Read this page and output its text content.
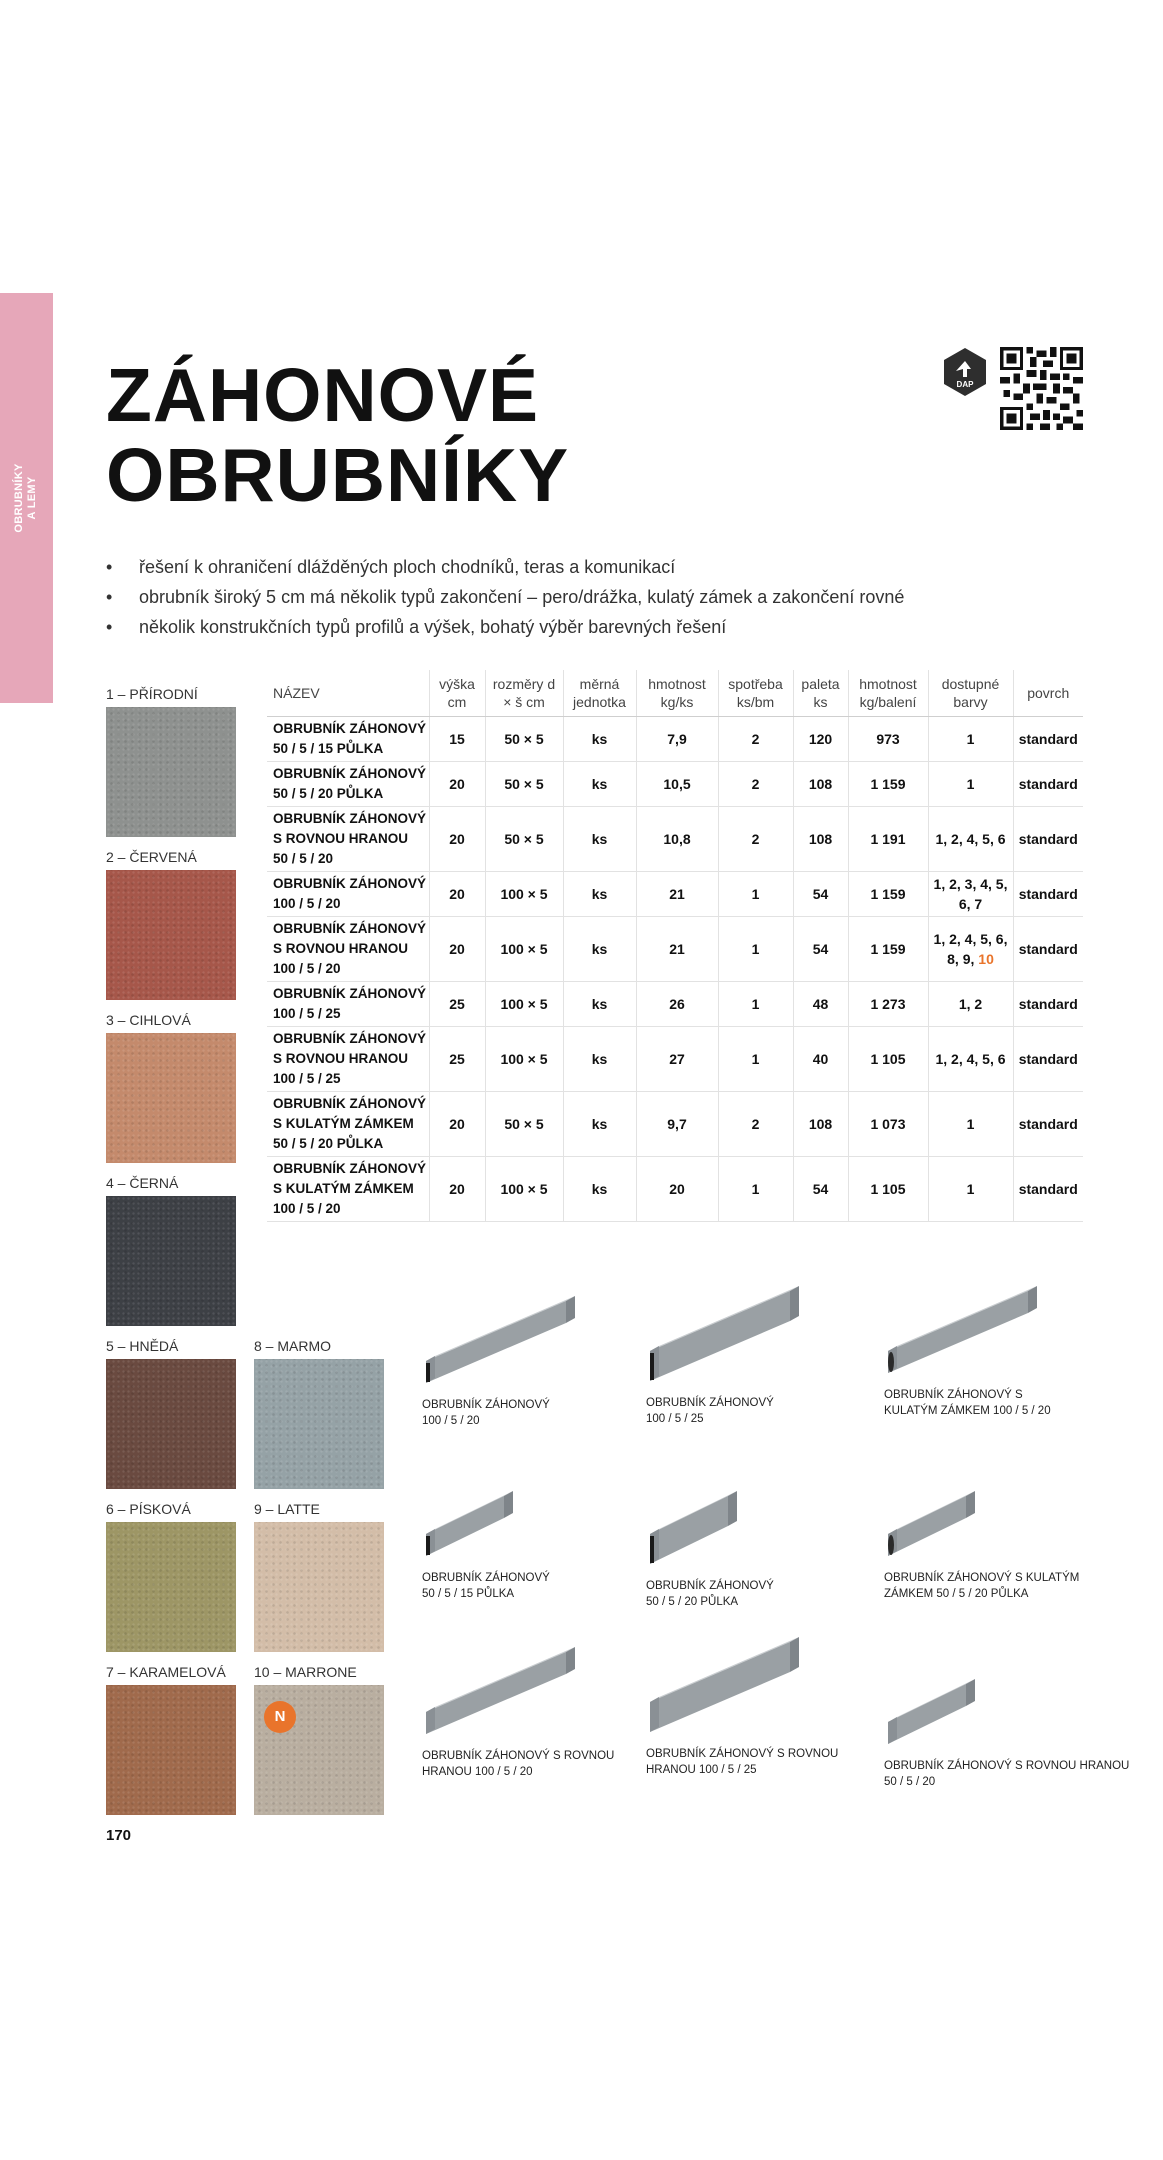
OBRUBNÍKY A LEMY
ZÁHONOVÉ
OBRUBNÍKY
DAP
• řešení k ohraničení dlážděných ploch chodníků, teras a komunikací
• obrubník široký 5 cm má několik typů zakončení – pero/drážka, kulatý zámek a zakončení rovné
• několik konstrukčních typů profilů a výšek, bohatý výběr barevných řešení
1 – PŘÍRODNÍ
2 – ČERVENÁ
3 – CIHLOVÁ
4 – ČERNÁ
5 – HNĚDÁ
6 – PÍSKOVÁ
7 – KARAMELOVÁ
8 – MARMO
9 – LATTE
10 – MARRONE
N
NÁZEV	výška cm	rozměry d × š cm	měrná jednotka	hmotnost kg/ks	spotřeba ks/bm	paleta ks	hmotnost kg/balení	dostupné barvy	povrch

OBRUBNÍK ZÁHONOVÝ
50 / 5 / 15 PŮLKA	15	50 × 5	ks	7,9	2	120	973	1	standard

OBRUBNÍK ZÁHONOVÝ
50 / 5 / 20 PŮLKA	20	50 × 5	ks	10,5	2	108	1 159	1	standard

OBRUBNÍK ZÁHONOVÝ
S ROVNOU HRANOU
50 / 5 / 20	20	50 × 5	ks	10,8	2	108	1 191	1, 2, 4, 5, 6	standard

OBRUBNÍK ZÁHONOVÝ
100 / 5 / 20	20	100 × 5	ks	21	1	54	1 159	1, 2, 3, 4, 5, 6, 7	standard

OBRUBNÍK ZÁHONOVÝ
S ROVNOU HRANOU
100 / 5 / 20	20	100 × 5	ks	21	1	54	1 159	1, 2, 4, 5, 6, 8, 9, 10	standard

OBRUBNÍK ZÁHONOVÝ
100 / 5 / 25	25	100 × 5	ks	26	1	48	1 273	1, 2	standard

OBRUBNÍK ZÁHONOVÝ
S ROVNOU HRANOU
100 / 5 / 25	25	100 × 5	ks	27	1	40	1 105	1, 2, 4, 5, 6	standard

OBRUBNÍK ZÁHONOVÝ
S KULATÝM ZÁMKEM
50 / 5 / 20 PŮLKA	20	50 × 5	ks	9,7	2	108	1 073	1	standard

OBRUBNÍK ZÁHONOVÝ
S KULATÝM ZÁMKEM
100 / 5 / 20	20	100 × 5	ks	20	1	54	1 105	1	standard
OBRUBNÍK ZÁHONOVÝ
100 / 5 / 20
OBRUBNÍK ZÁHONOVÝ
100 / 5 / 25
OBRUBNÍK ZÁHONOVÝ S
KULATÝM ZÁMKEM 100 / 5 / 20
OBRUBNÍK ZÁHONOVÝ
50 / 5 / 15 PŮLKA
OBRUBNÍK ZÁHONOVÝ
50 / 5 / 20 PŮLKA
OBRUBNÍK ZÁHONOVÝ S KULATÝM
ZÁMKEM 50 / 5 / 20 PŮLKA
OBRUBNÍK ZÁHONOVÝ S ROVNOU
HRANOU 100 / 5 / 20
OBRUBNÍK ZÁHONOVÝ S ROVNOU
HRANOU 100 / 5 / 25	OBRUBNÍK ZÁHONOVÝ S ROVNOU HRANOU
50 / 5 / 20
170
